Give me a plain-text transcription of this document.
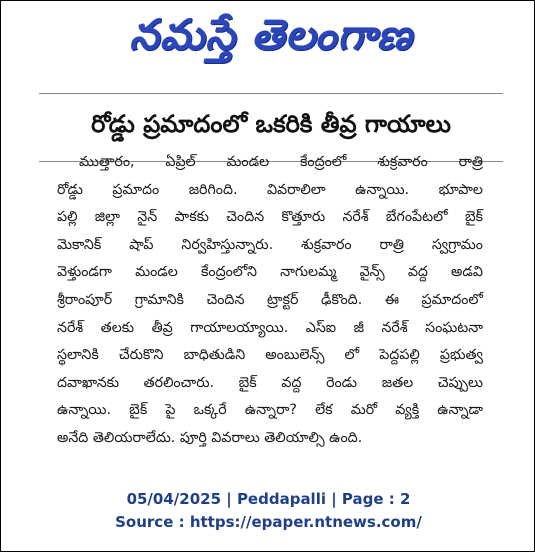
నమస్తే తెలంగాణ
రోడ్డు ప్రమాదంలో ఒకరికి తీవ్ర గాయాలు
ముత్తారం, ఏప్రిల్ మండల కేంద్రంలో శుక్రవారం రాత్రి
రోడ్డు ప్రమాదం జరిగింది. వివరాలిలా ఉన్నాయి. భూపాల
పల్లి జిల్లా నైన్ పాకకు చెందిన కొత్తూరు నరేశ్ బేగంపేటలో బైక్
మెకానిక్ షాప్ నిర్వహిస్తున్నారు. శుక్రవారం రాత్రి స్వగ్రామం
వెళ్తుండగా మండల కేంద్రంలోని నాగులమ్మ వైన్స్ వద్ద అడవి
శ్రీరాంపూర్ గ్రామానికి చెందిన ట్రాక్టర్ ఢీకొంది. ఈ ప్రమాదంలో
నరేశ్ తలకు తీవ్ర గాయాలయ్యాయి. ఎస్ఐ జీ నరేశ్ సంఘటనా
స్థలానికి చేరుకొని బాధితుడిని అంబులెన్స్ లో పెద్దపల్లి ప్రభుత్వ
దవాఖానకు తరలించారు. బైక్ వద్ద రెండు జతల చెప్పులు
ఉన్నాయి. బైక్ పై ఒక్కరే ఉన్నారా? లేక మరో వ్యక్తి ఉన్నాడా
అనేది తెలియరాలేదు. పూర్తి వివరాలు తెలియాల్సి ఉంది.
05/04/2025 | Peddapalli | Page : 2
Source : https://epaper.ntnews.com/
